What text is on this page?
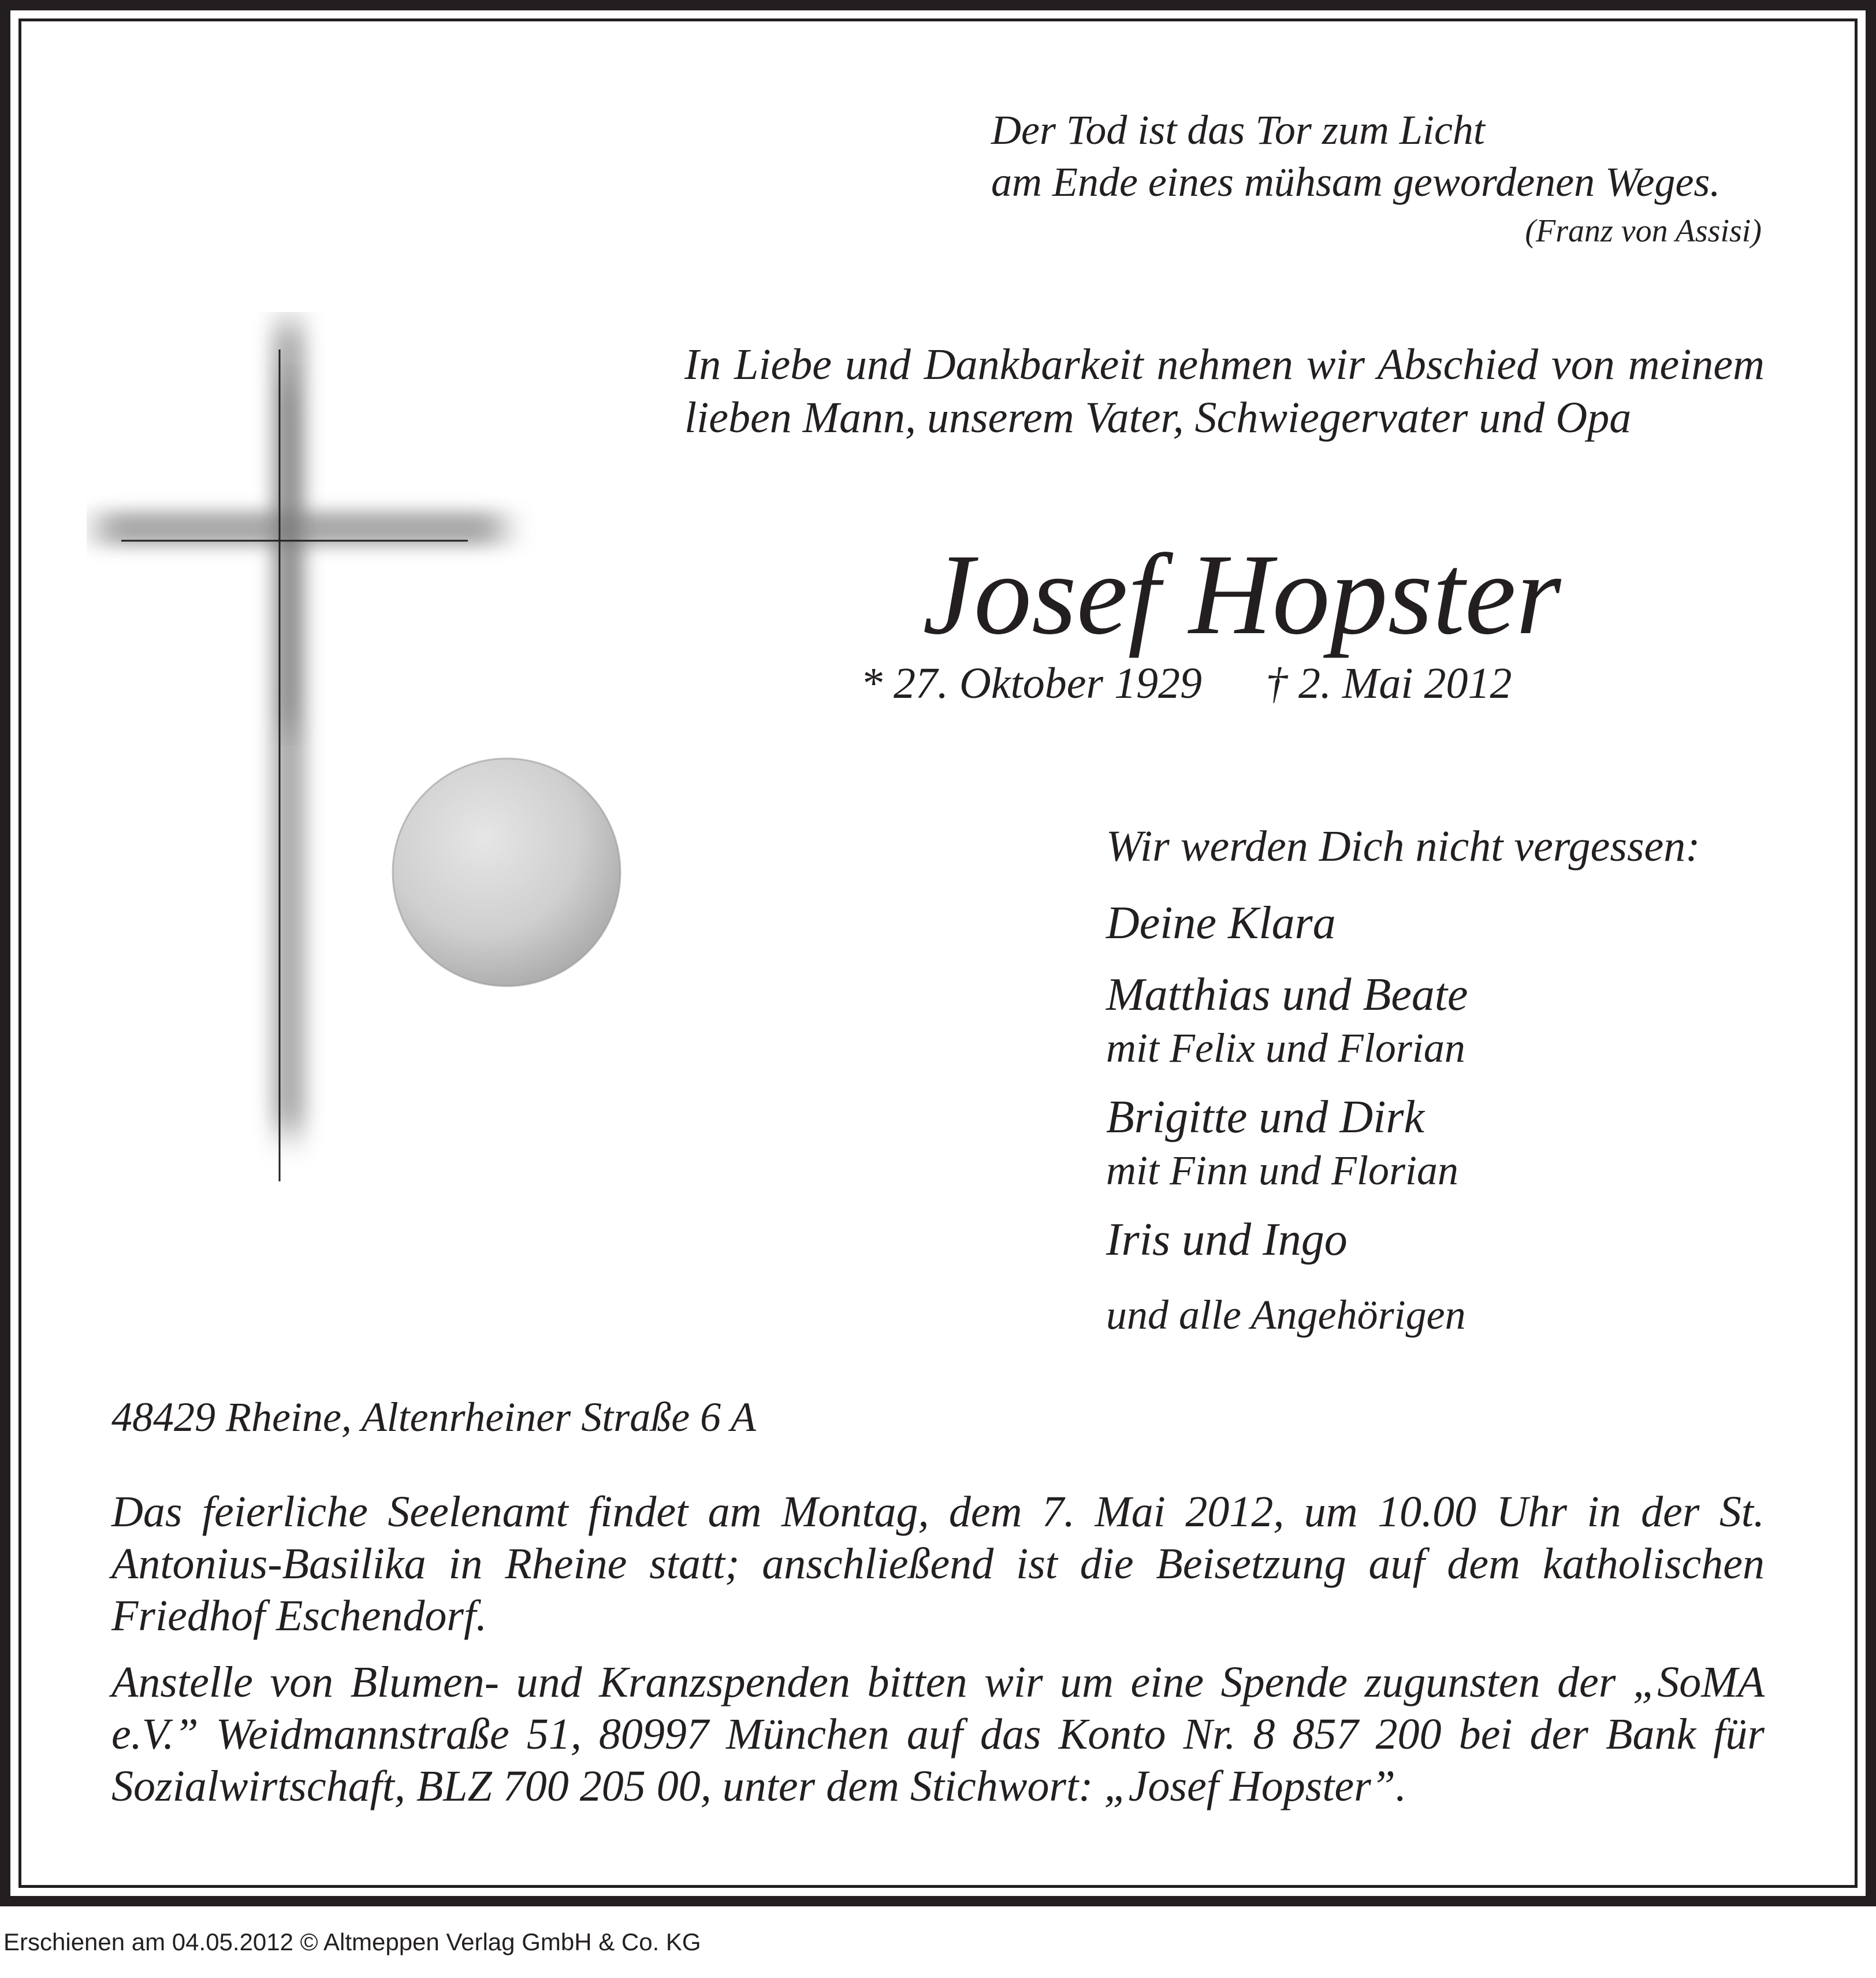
Der Tod ist das Tor zum Licht
am Ende eines mühsam gewordenen Weges.
(Franz von Assisi)

In Liebe und Dankbarkeit nehmen wir Abschied von meinem lieben Mann, unserem Vater, Schwiegervater und Opa

Josef Hopster
* 27. Oktober 1929 † 2. Mai 2012
Wir werden Dich nicht vergessen:
Deine Klara
Matthias und Beate
mit Felix und Florian
Brigitte und Dirk
mit Finn und Florian
Iris und Ingo
und alle Angehörigen
48429 Rheine, Altenrheiner Straße 6 A

Das feierliche Seelenamt findet am Montag, dem 7. Mai 2012, um 10.00 Uhr in der St. Antonius-Basilika in Rheine statt; anschließend ist die Beisetzung auf dem katholischen Friedhof Eschendorf.

Anstelle von Blumen- und Kranzspenden bitten wir um eine Spende zugunsten der „SoMA e.V.” Weidmannstraße 51, 80997 München auf das Konto Nr. 8 857 200 bei der Bank für Sozialwirtschaft, BLZ 700 205 00, unter dem Stichwort: „Josef Hopster”.

Erschienen am 04.05.2012 © Altmeppen Verlag GmbH & Co. KG
